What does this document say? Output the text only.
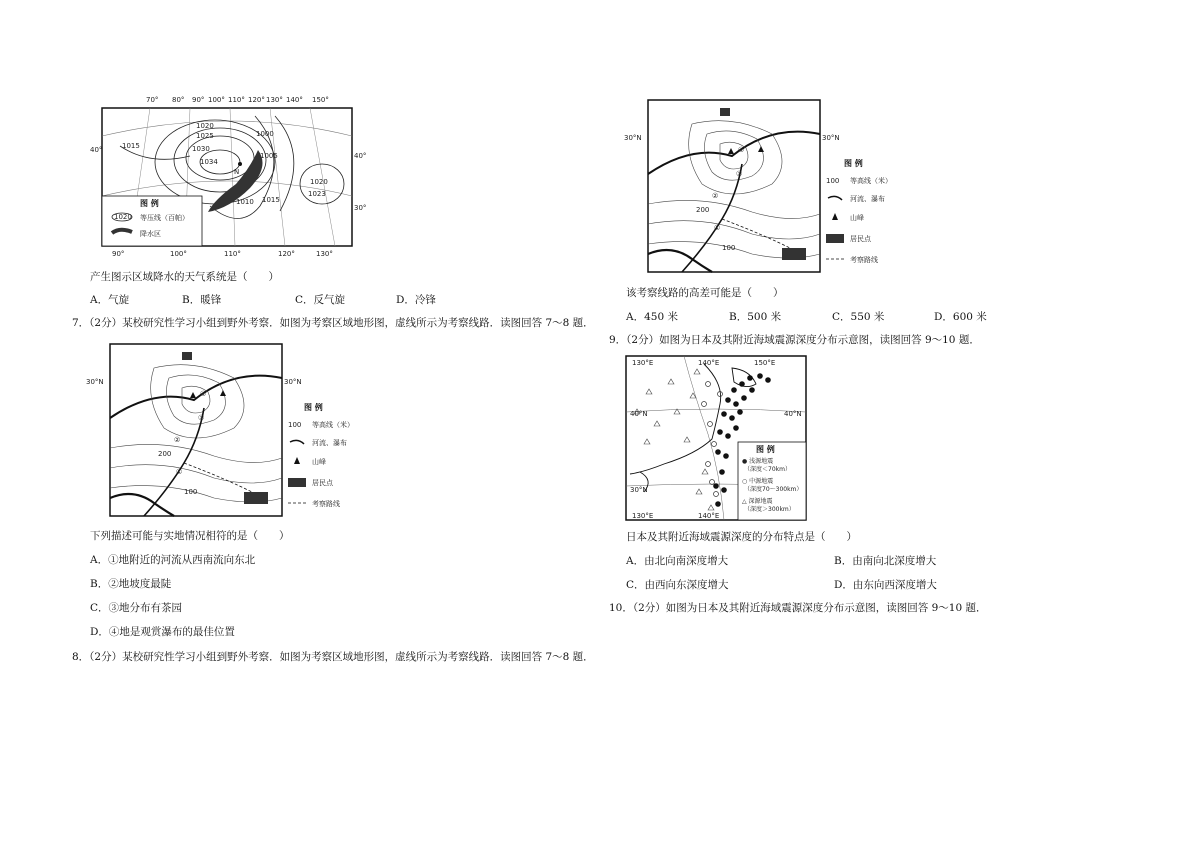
70° 80° 90° 100° 110° 120° 130° 140° 150°
90°	100°	110°	120°	130°
40°
40°
30°
1020
1025
1030
1034
1015
1000
1005
1010 1015
1020
1023
N
图 例
1020 等压线（百帕）
降水区
产生图示区域降水的天气系统是（　　）
A．气旋	B．暖锋	C．反气旋	D．冷锋
7．（2分）某校研究性学习小组到野外考察．如图为考察区域地形图，虚线所示为考察线路．读图回答 7～8 题．
30°N	30°N
200
100
①
②
③
④
图 例
100 等高线（米）
河流、瀑布
山峰
居民点
考察路线
下列描述可能与实地情况相符的是（　　）
A．①地附近的河流从西南流向东北
B．②地坡度最陡
C．③地分布有茶园
D．④地是观赏瀑布的最佳位置
8．（2分）某校研究性学习小组到野外考察．如图为考察区域地形图，虚线所示为考察线路．读图回答 7～8 题．
30°N	30°N
200
100
①
②
③
④
图 例
100 等高线（米）
河流、瀑布
山峰
居民点
考察路线
该考察线路的高差可能是（　　）
A．450 米	B．500 米	C．550 米	D．600 米
9．（2分）如图为日本及其附近海域震源深度分布示意图，读图回答 9～10 题．
130°E	140°E	150°E
130°E	140°E
40°N
30°N
40°N
图 例
● 浅源地震
（深度＜70km）
○ 中源地震
（深度70～300km）
△ 深源地震
（深度＞300km）
日本及其附近海域震源深度的分布特点是（　　）
A．由北向南深度增大	B．由南向北深度增大
C．由西向东深度增大	D．由东向西深度增大
10．（2分）如图为日本及其附近海域震源深度分布示意图，读图回答 9～10 题．
